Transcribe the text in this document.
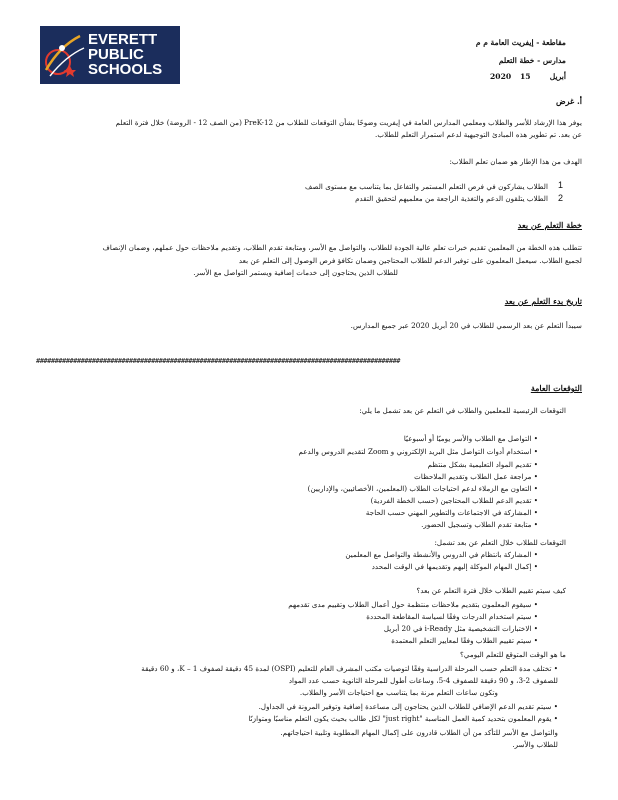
EVERETT
PUBLIC
SCHOOLS
مقاطعة - إيفريت العامة م م
مدارس - خطة التعلم
15	أبريل
2020
أ. غرض
يوفر هذا الإرشاد للأسر والطلاب ومعلمي المدارس العامة في إيفريت وضوحًا بشأن التوقعات للطلاب من PreK-12 (من الصف 12 - الروضة) خلال فترة التعلم
عن بعد. تم تطوير هذه المبادئ التوجيهية لدعم استمرار التعلم للطلاب.
الهدف من هذا الإطار هو ضمان تعلم الطلاب:
1
الطلاب يشاركون في فرص التعلم المستمر والتفاعل بما يتناسب مع مستوى الصف
2
الطلاب يتلقون الدعم والتغذية الراجعة من معلميهم لتحقيق التقدم
خطة التعلم عن بعد
تتطلب هذه الخطة من المعلمين تقديم خبرات تعلم عالية الجودة للطلاب، والتواصل مع الأسر، ومتابعة تقدم الطلاب، وتقديم ملاحظات حول عملهم، وضمان الإنصاف
لجميع الطلاب. سيعمل المعلمون على توفير الدعم للطلاب المحتاجين وضمان تكافؤ فرص الوصول إلى التعلم عن بعد
للطلاب الذين يحتاجون إلى خدمات إضافية ويستمر التواصل مع الأسر.
تاريخ بدء التعلم عن بعد
سيبدأ التعلم عن بعد الرسمي للطلاب في 20 أبريل 2020 عبر جميع المدارس.
##################################################################################################
التوقعات العامة
التوقعات الرئيسية للمعلمين والطلاب في التعلم عن بعد تشمل ما يلي:
• التواصل مع الطلاب والأسر يوميًا أو أسبوعيًا
• استخدام أدوات التواصل مثل البريد الإلكتروني و Zoom لتقديم الدروس والدعم
• تقديم المواد التعليمية بشكل منتظم
• مراجعة عمل الطلاب وتقديم الملاحظات
• التعاون مع الزملاء لدعم احتياجات الطلاب (المعلمين، الأخصائيين، والإداريين)
• تقديم الدعم للطلاب المحتاجين (حسب الخطة الفردية)
• المشاركة في الاجتماعات والتطوير المهني حسب الحاجة
• متابعة تقدم الطلاب وتسجيل الحضور.
التوقعات للطلاب خلال التعلم عن بعد تشمل:
• المشاركة بانتظام في الدروس والأنشطة والتواصل مع المعلمين
• إكمال المهام الموكلة إليهم وتقديمها في الوقت المحدد
كيف سيتم تقييم الطلاب خلال فترة التعلم عن بعد؟
• سيقوم المعلمون بتقديم ملاحظات منتظمة حول أعمال الطلاب وتقييم مدى تقدمهم
• سيتم استخدام الدرجات وفقًا لسياسة المقاطعة المحددة
• الاختبارات التشخيصية مثل i-Ready في 20 أبريل
• سيتم تقييم الطلاب وفقًا لمعايير التعلم المعتمدة
ما هو الوقت المتوقع للتعلم اليومي؟
• تختلف مدة التعلم حسب المرحلة الدراسية وفقًا لتوصيات مكتب المشرف العام للتعليم (OSPI) لمدة 45 دقيقة لصفوف K – 1، و 60 دقيقة
للصفوف 2-3، و 90 دقيقة للصفوف 4-5، وساعات أطول للمرحلة الثانوية حسب عدد المواد
وتكون ساعات التعلم مرنة بما يتناسب مع احتياجات الأسر والطلاب.
• سيتم تقديم الدعم الإضافي للطلاب الذين يحتاجون إلى مساعدة إضافية وتوفير المرونة في الجداول.
• يقوم المعلمون بتحديد كمية العمل المناسبة "just right" لكل طالب بحيث يكون التعلم مناسبًا ومتوازنًا
والتواصل مع الأسر للتأكد من أن الطلاب قادرون على إكمال المهام المطلوبة وتلبية احتياجاتهم.
للطلاب والأسر.
